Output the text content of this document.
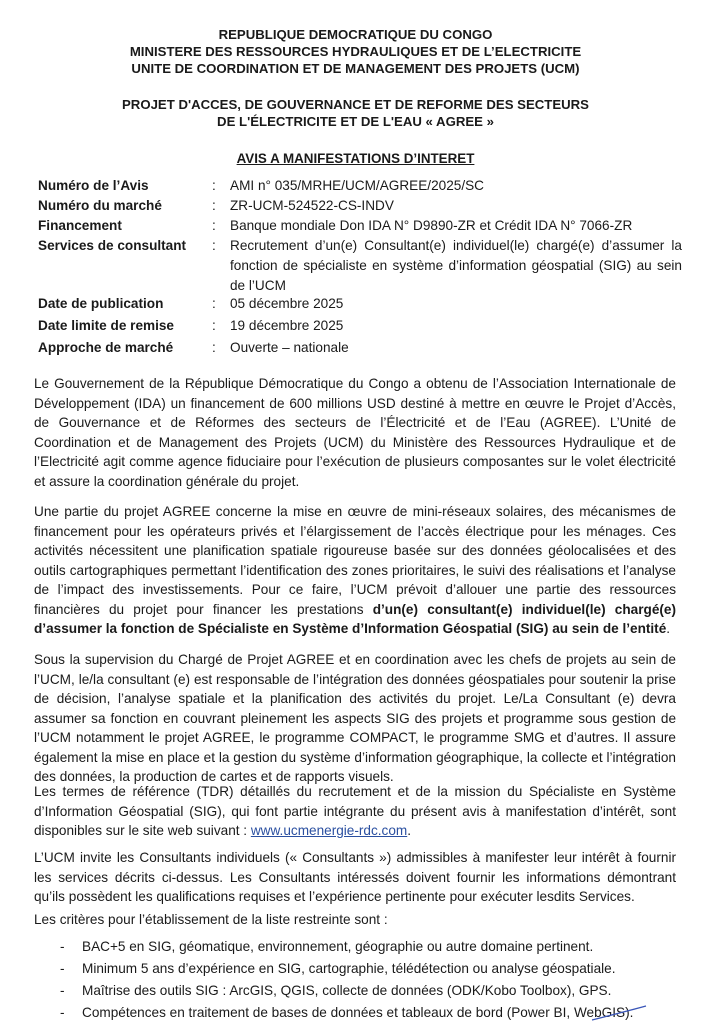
REPUBLIQUE DEMOCRATIQUE DU CONGO
MINISTERE DES RESSOURCES HYDRAULIQUES ET DE L’ELECTRICITE
UNITE DE COORDINATION ET DE MANAGEMENT DES PROJETS (UCM)
PROJET D'ACCES, DE GOUVERNANCE ET DE REFORME DES SECTEURS
DE L'ÉLECTRICITE ET DE L'EAU « AGREE »
AVIS A MANIFESTATIONS D’INTERET
Numéro de l’Avis	: AMI n° 035/MRHE/UCM/AGREE/2025/SC
Numéro du marché	: ZR-UCM-524522-CS-INDV
Financement	: Banque mondiale Don IDA N° D9890-ZR et Crédit IDA N° 7066-ZR
Services de consultant : Recrutement d’un(e) Consultant(e) individuel(le) chargé(e) d’assumer la fonction de spécialiste en système d’information géospatial (SIG) au sein de l’UCM
Date de publication	: 05 décembre 2025
Date limite de remise	: 19 décembre 2025
Approche de marché	: Ouverte – nationale
Le Gouvernement de la République Démocratique du Congo a obtenu de l’Association Internationale de Développement (IDA) un financement de 600 millions USD destiné à mettre en œuvre le Projet d’Accès, de Gouvernance et de Réformes des secteurs de l’Électricité et de l’Eau (AGREE). L’Unité de Coordination et de Management des Projets (UCM) du Ministère des Ressources Hydraulique et de l’Electricité agit comme agence fiduciaire pour l’exécution de plusieurs composantes sur le volet électricité et assure la coordination générale du projet.
Une partie du projet AGREE concerne la mise en œuvre de mini-réseaux solaires, des mécanismes de financement pour les opérateurs privés et l’élargissement de l’accès électrique pour les ménages. Ces activités nécessitent une planification spatiale rigoureuse basée sur des données géolocalisées et des outils cartographiques permettant l’identification des zones prioritaires, le suivi des réalisations et l’analyse de l’impact des investissements. Pour ce faire, l’UCM prévoit d’allouer une partie des ressources financières du projet pour financer les prestations d’un(e) consultant(e) individuel(le) chargé(e) d’assumer la fonction de Spécialiste en Système d’Information Géospatial (SIG) au sein de l’entité.
Sous la supervision du Chargé de Projet AGREE et en coordination avec les chefs de projets au sein de l’UCM, le/la consultant (e) est responsable de l’intégration des données géospatiales pour soutenir la prise de décision, l’analyse spatiale et la planification des activités du projet. Le/La Consultant (e) devra assumer sa fonction en couvrant pleinement les aspects SIG des projets et programme sous gestion de l’UCM notamment le projet AGREE, le programme COMPACT, le programme SMG et d’autres. Il assure également la mise en place et la gestion du système d’information géographique, la collecte et l’intégration des données, la production de cartes et de rapports visuels.
Les termes de référence (TDR) détaillés du recrutement et de la mission du Spécialiste en Système d’Information Géospatial (SIG), qui font partie intégrante du présent avis à manifestation d’intérêt, sont disponibles sur le site web suivant : www.ucmenergie-rdc.com.
L’UCM invite les Consultants individuels (« Consultants ») admissibles à manifester leur intérêt à fournir les services décrits ci-dessus. Les Consultants intéressés doivent fournir les informations démontrant qu’ils possèdent les qualifications requises et l’expérience pertinente pour exécuter lesdits Services.
Les critères pour l’établissement de la liste restreinte sont :
- BAC+5 en SIG, géomatique, environnement, géographie ou autre domaine pertinent.
- Minimum 5 ans d’expérience en SIG, cartographie, télédétection ou analyse géospatiale.
- Maîtrise des outils SIG : ArcGIS, QGIS, collecte de données (ODK/Kobo Toolbox), GPS.
- Compétences en traitement de bases de données et tableaux de bord (Power BI, WebGIS).
